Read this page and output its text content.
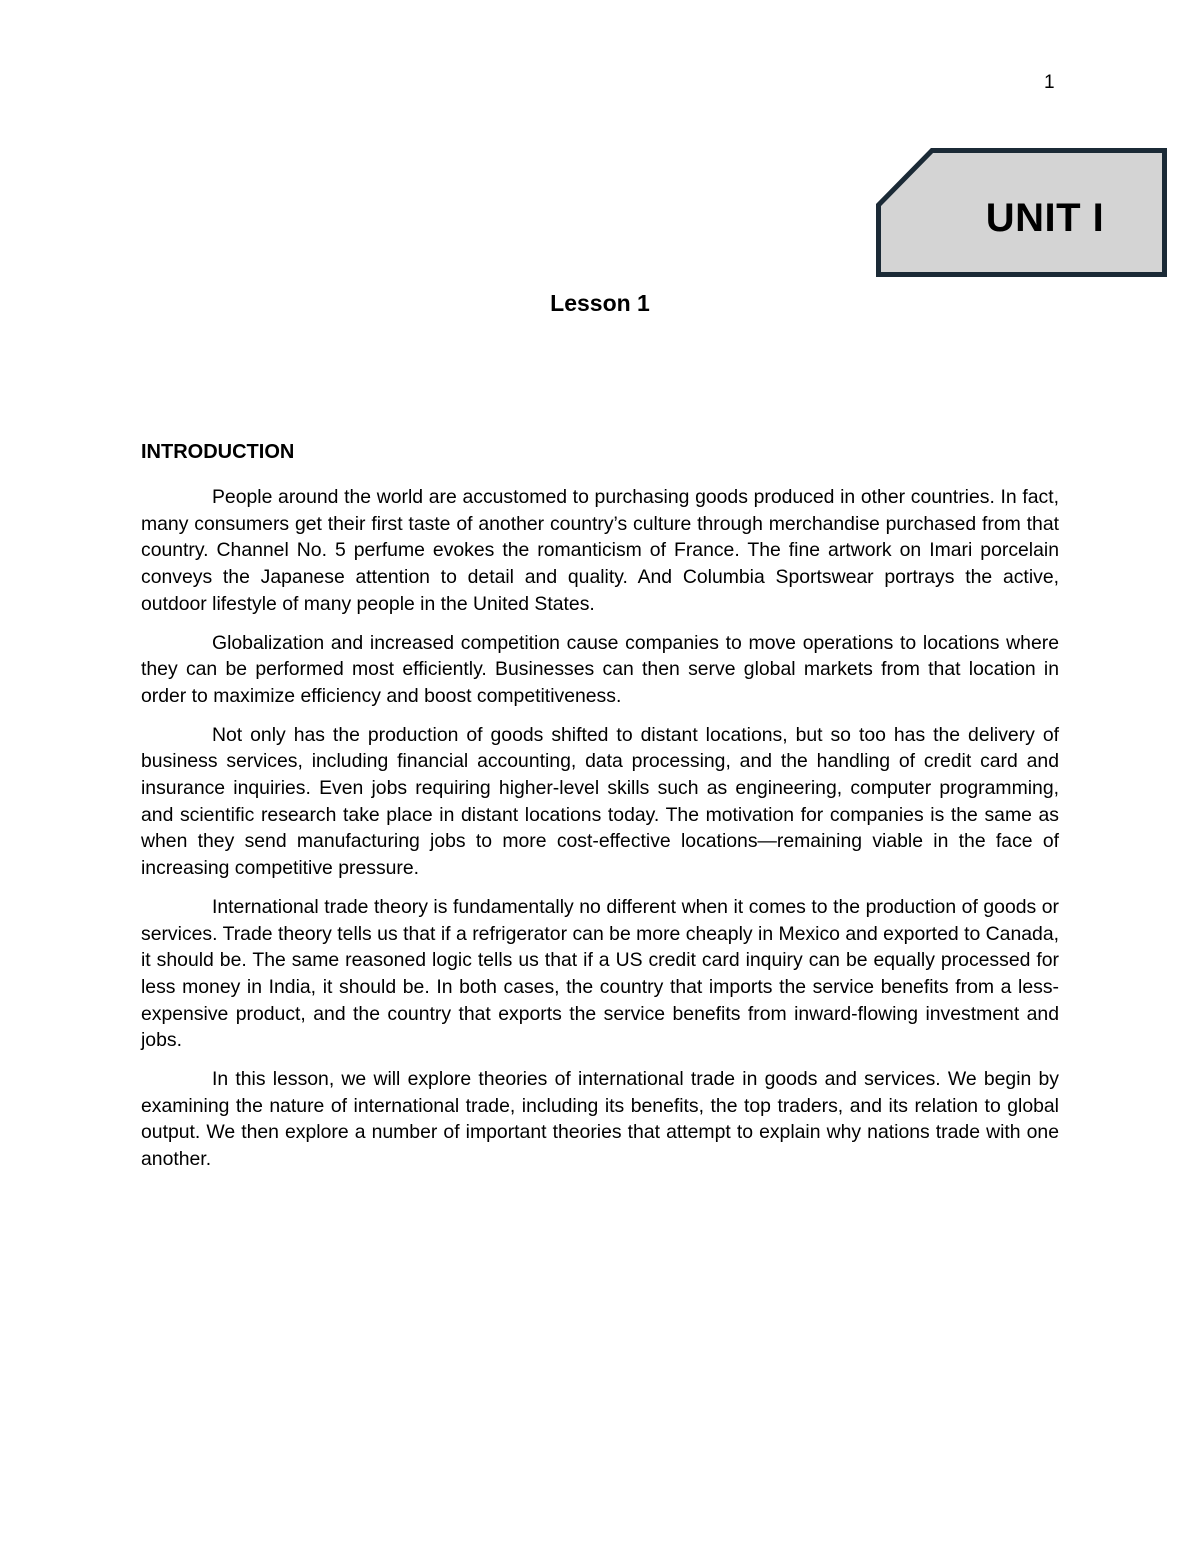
1
UNIT I
Lesson 1
INTRODUCTION

People around the world are accustomed to purchasing goods produced in other countries. In fact, many consumers get their first taste of another country’s culture through merchandise purchased from that country. Channel No. 5 perfume evokes the romanticism of France. The fine artwork on Imari porcelain conveys the Japanese attention to detail and quality. And Columbia Sportswear portrays the active, outdoor lifestyle of many people in the United States.

Globalization and increased competition cause companies to move operations to locations where they can be performed most efficiently. Businesses can then serve global markets from that location in order to maximize efficiency and boost competitiveness.

Not only has the production of goods shifted to distant locations, but so too has the delivery of business services, including financial accounting, data processing, and the handling of credit card and insurance inquiries. Even jobs requiring higher-level skills such as engineering, computer programming, and scientific research take place in distant locations today. The motivation for companies is the same as when they send manufacturing jobs to more cost-effective locations—remaining viable in the face of increasing competitive pressure.

International trade theory is fundamentally no different when it comes to the production of goods or services. Trade theory tells us that if a refrigerator can be more cheaply in Mexico and exported to Canada, it should be. The same reasoned logic tells us that if a US credit card inquiry can be equally processed for less money in India, it should be. In both cases, the country that imports the service benefits from a less-expensive product, and the country that exports the service benefits from inward-flowing investment and jobs.

In this lesson, we will explore theories of international trade in goods and services. We begin by examining the nature of international trade, including its benefits, the top traders, and its relation to global output. We then explore a number of important theories that attempt to explain why nations trade with one another.
